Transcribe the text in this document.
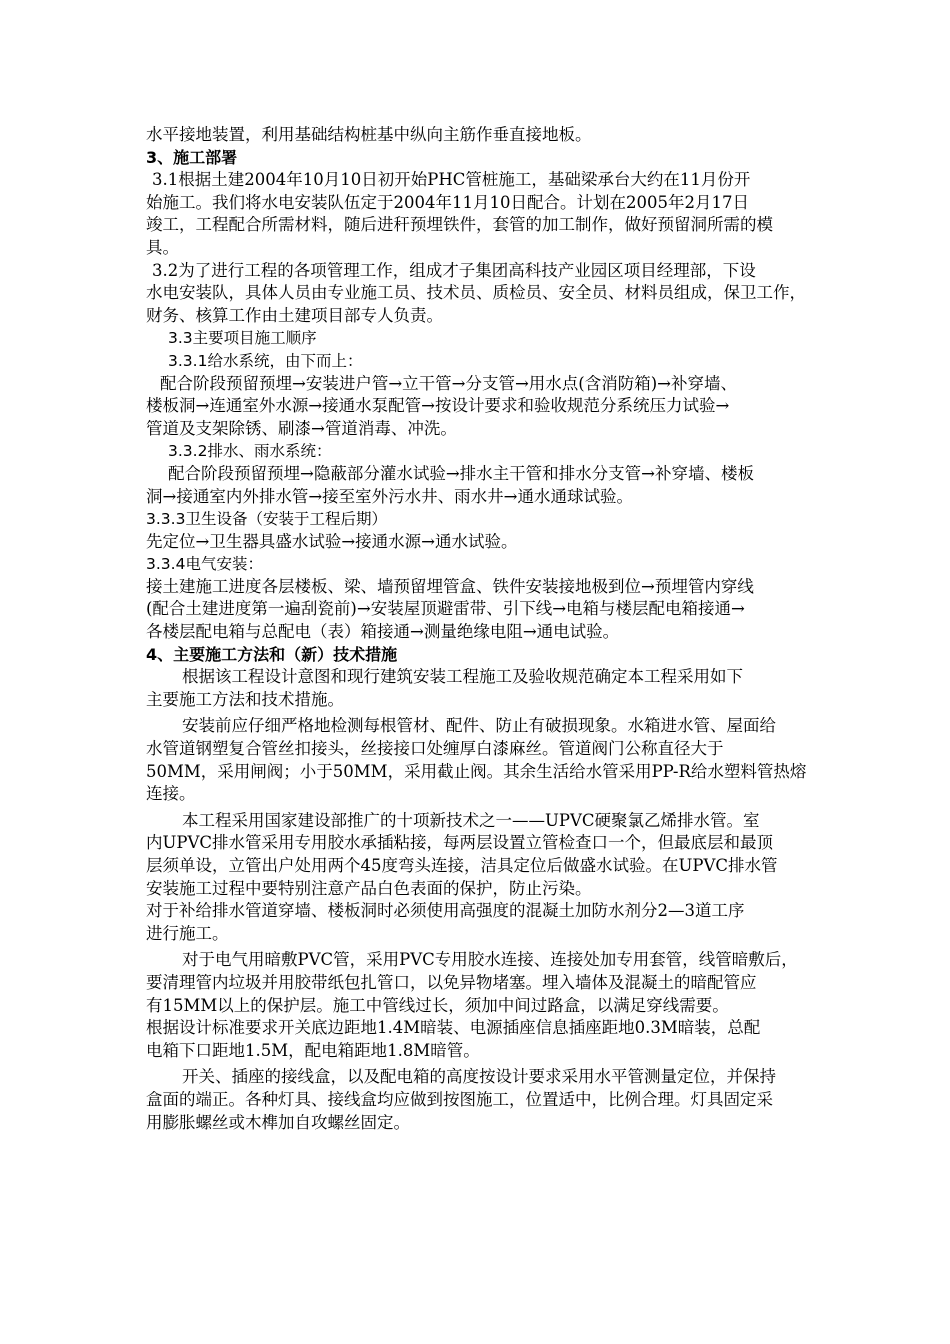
水平接地装置，利用基础结构桩基中纵向主筋作垂直接地板。
3、施工部署
3.1根据土建2004年10月10日初开始PHC管桩施工，基础梁承台大约在11月份开
始施工。我们将水电安装队伍定于2004年11月10日配合。计划在2005年2月17日
竣工，工程配合所需材料，随后进秆预埋铁件，套管的加工制作，做好预留洞所需的模
具。
3.2为了进行工程的各项管理工作，组成才子集团高科技产业园区项目经理部，下设
水电安装队，具体人员由专业施工员、技术员、质检员、安全员、材料员组成，保卫工作，
财务、核算工作由土建项目部专人负责。
3.3主要项目施工顺序
3.3.1给水系统，由下而上：
配合阶段预留预埋→安装进户管→立干管→分支管→用水点(含消防箱)→补穿墙、
楼板洞→连通室外水源→接通水泵配管→按设计要求和验收规范分系统压力试验→
管道及支架除锈、刷漆→管道消毒、冲洗。
3.3.2排水、雨水系统：
配合阶段预留预埋→隐蔽部分灌水试验→排水主干管和排水分支管→补穿墙、楼板
洞→接通室内外排水管→接至室外污水井、雨水井→通水通球试验。
3.3.3卫生设备（安装于工程后期）
先定位→卫生器具盛水试验→接通水源→通水试验。
3.3.4电气安装：
接土建施工进度各层楼板、梁、墙预留埋管盒、铁件安装接地极到位→预埋管内穿线
(配合土建进度第一遍刮瓷前)→安装屋顶避雷带、引下线→电箱与楼层配电箱接通→
各楼层配电箱与总配电（表）箱接通→测量绝缘电阻→通电试验。
4、主要施工方法和（新）技术措施
根据该工程设计意图和现行建筑安装工程施工及验收规范确定本工程采用如下
主要施工方法和技术措施。
安装前应仔细严格地检测每根管材、配件、防止有破损现象。水箱进水管、屋面给
水管道钢塑复合管丝扣接头，丝接接口处缠厚白漆麻丝。管道阀门公称直径大于
50MM，采用闸阀；小于50MM，采用截止阀。其余生活给水管采用PP-R给水塑料管热熔
连接。
本工程采用国家建设部推广的十项新技术之一——UPVC硬聚氯乙烯排水管。室
内UPVC排水管采用专用胶水承插粘接，每两层设置立管检查口一个，但最底层和最顶
层须单设，立管出户处用两个45度弯头连接，洁具定位后做盛水试验。在UPVC排水管
安装施工过程中要特别注意产品白色表面的保护，防止污染。
对于补给排水管道穿墙、楼板洞时必须使用高强度的混凝土加防水剂分2—3道工序
进行施工。
对于电气用暗敷PVC管，采用PVC专用胶水连接、连接处加专用套管，线管暗敷后，
要清理管内垃圾并用胶带纸包扎管口，以免异物堵塞。埋入墙体及混凝土的暗配管应
有15MM以上的保护层。施工中管线过长，须加中间过路盒，以满足穿线需要。
根据设计标准要求开关底边距地1.4M暗装、电源插座信息插座距地0.3M暗装，总配
电箱下口距地1.5M，配电箱距地1.8M暗管。
开关、插座的接线盒，以及配电箱的高度按设计要求采用水平管测量定位，并保持
盒面的端正。各种灯具、接线盒均应做到按图施工，位置适中，比例合理。灯具固定采
用膨胀螺丝或木榫加自攻螺丝固定。
